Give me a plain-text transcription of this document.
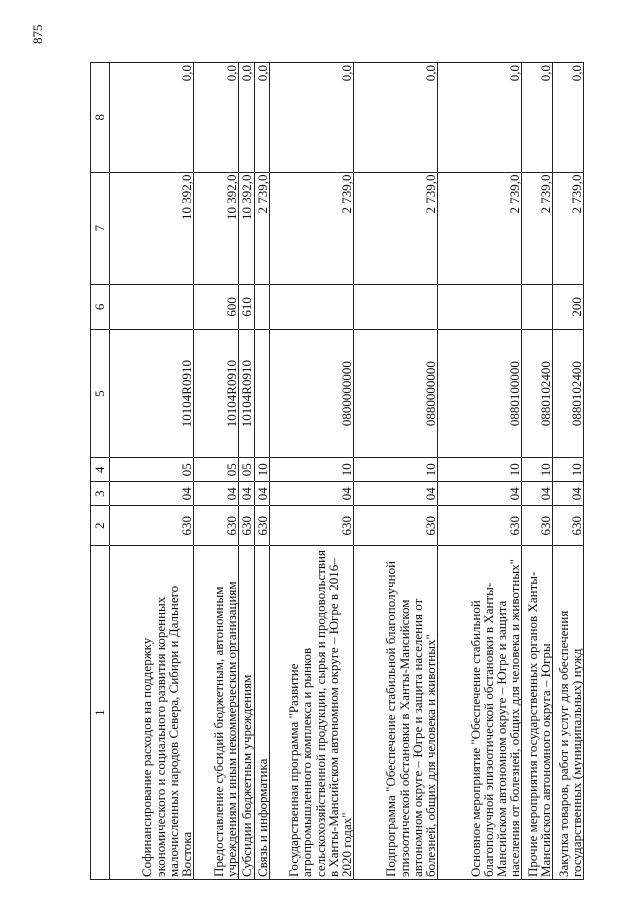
875
1	2	3	4	5	6	7	8
Софинансирование расходов на поддержку экономического и социального развития коренных малочисленных народов Севера, Сибири и Дальнего Востока	630	04	05	10104R0910		10 392,0	0,0
Предоставление субсидий бюджетным, автономным учреждениям и иным некоммерческим организациям	630	04	05	10104R0910	600	10 392,0	0,0
Субсидии бюджетным учреждениям	630	04	05	10104R0910	610	10 392,0	0,0
Связь и информатика	630	04	10			2 739,0	0,0
Государственная программа "Развитие агропромышленного комплекса и рынков сельскохозяйственной продукции, сырья и продовольствия в Ханты-Мансийском автономном округе – Югре в 2016–2020 годах"	630	04	10	0800000000		2 739,0	0,0
Подпрограмма "Обеспечение стабильной благополучной эпизоотической обстановки в Ханты-Мансийском автономном округе – Югре и защита населения от болезней, общих для человека и животных"	630	04	10	0880000000		2 739,0	0,0
Основное мероприятие "Обеспечение стабильной благополучной эпизоотической обстановки в Ханты-Мансийском автономном округе – Югре и защита населения от болезней, общих для человека и животных"	630	04	10	0880100000		2 739,0	0,0
Прочие мероприятия государственных органов Ханты-Мансийского автономного округа – Югры	630	04	10	0880102400		2 739,0	0,0
Закупка товаров, работ и услуг для обеспечения государственных (муниципальных) нужд	630	04	10	0880102400	200	2 739,0	0,0
